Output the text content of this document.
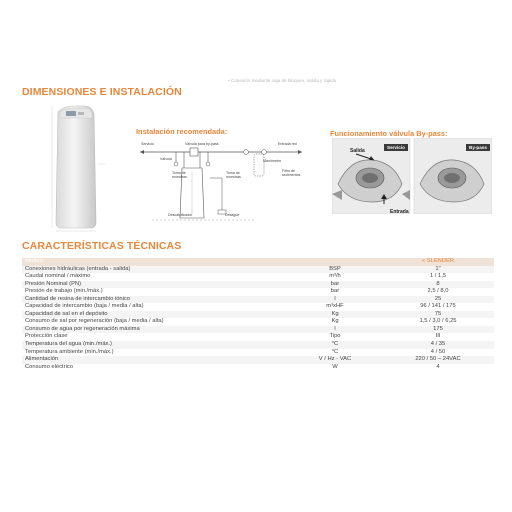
• Conexión mediante caja de bloqueo, salida y rápido
DIMENSIONES E INSTALACIÓN
Instalación recomendada:
Servicio	Válvula para by-pass	Entrada red
Válvula
Toma de muestras
Toma de muestras
Manómetro
Filtro de sedimentos
Descalcificador	Desagüe
Funcionamiento válvula By-pass:
Salida
Servicio	By-pass
Entrada
CARACTERÍSTICAS TÉCNICAS
Modelo		« SLENDER
Conexiones hidráulicas (entrada - salida)	BSP	1"
Caudal nominal / máximo	m³/h	1 / 1,5
Presión Nominal (PN)	bar	8
Presión de trabajo (min./máx.)	bar	2,5 / 8,0
Cantidad de resina de intercambio iónico	l	25
Capacidad de intercambio (baja / media / alta)	m³xHF	96 / 141 / 175
Capacidad de sal en el depósito	Kg	75
Consumo de sal por regeneración (baja / media / alta)	Kg	1,5 / 3,0 / 6,25
Consumo de agua por regeneración máxima	l	175
Protección clase	Tipo	III
Temperatura del agua (min./máx.)	°C	4 / 35
Temperatura ambiente (min./máx.)	°C	4 / 50
Alimentación	V / Hz - VAC	220 / 50 – 24VAC
Consumo eléctrico	W	4
